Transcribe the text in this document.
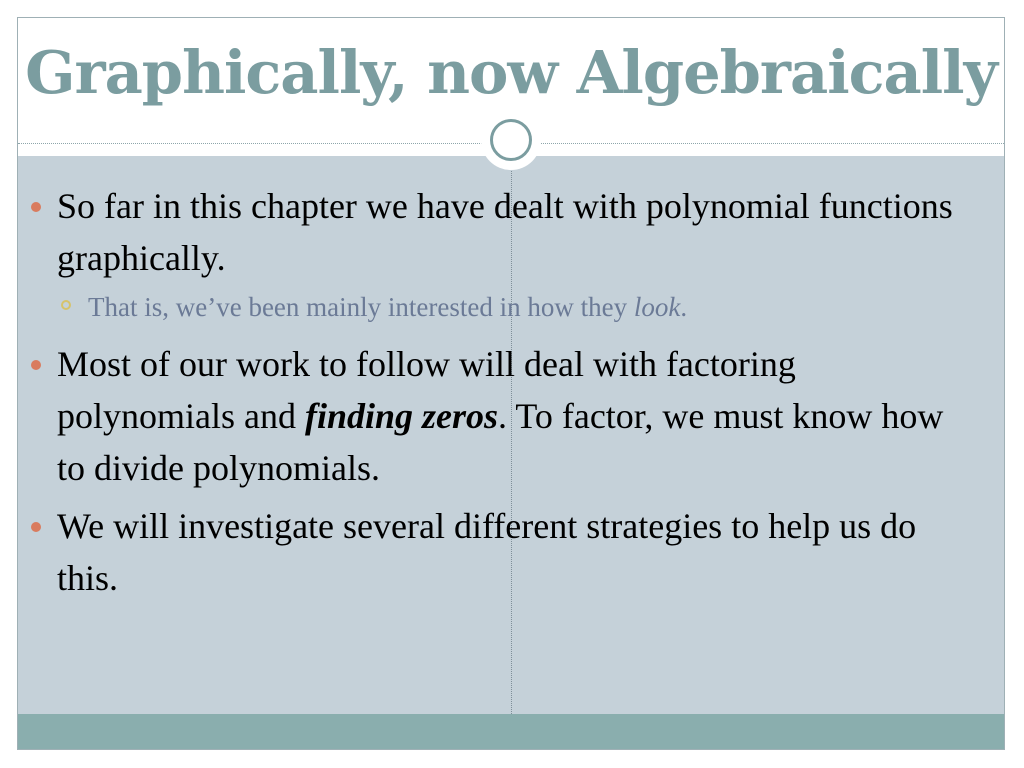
Graphically, now Algebraically
So far in this chapter we have dealt with polynomial functions graphically.
That is, we’ve been mainly interested in how they look.
Most of our work to follow will deal with factoring polynomials and finding zeros. To factor, we must know how to divide polynomials.
We will investigate several different strategies to help us do this.
